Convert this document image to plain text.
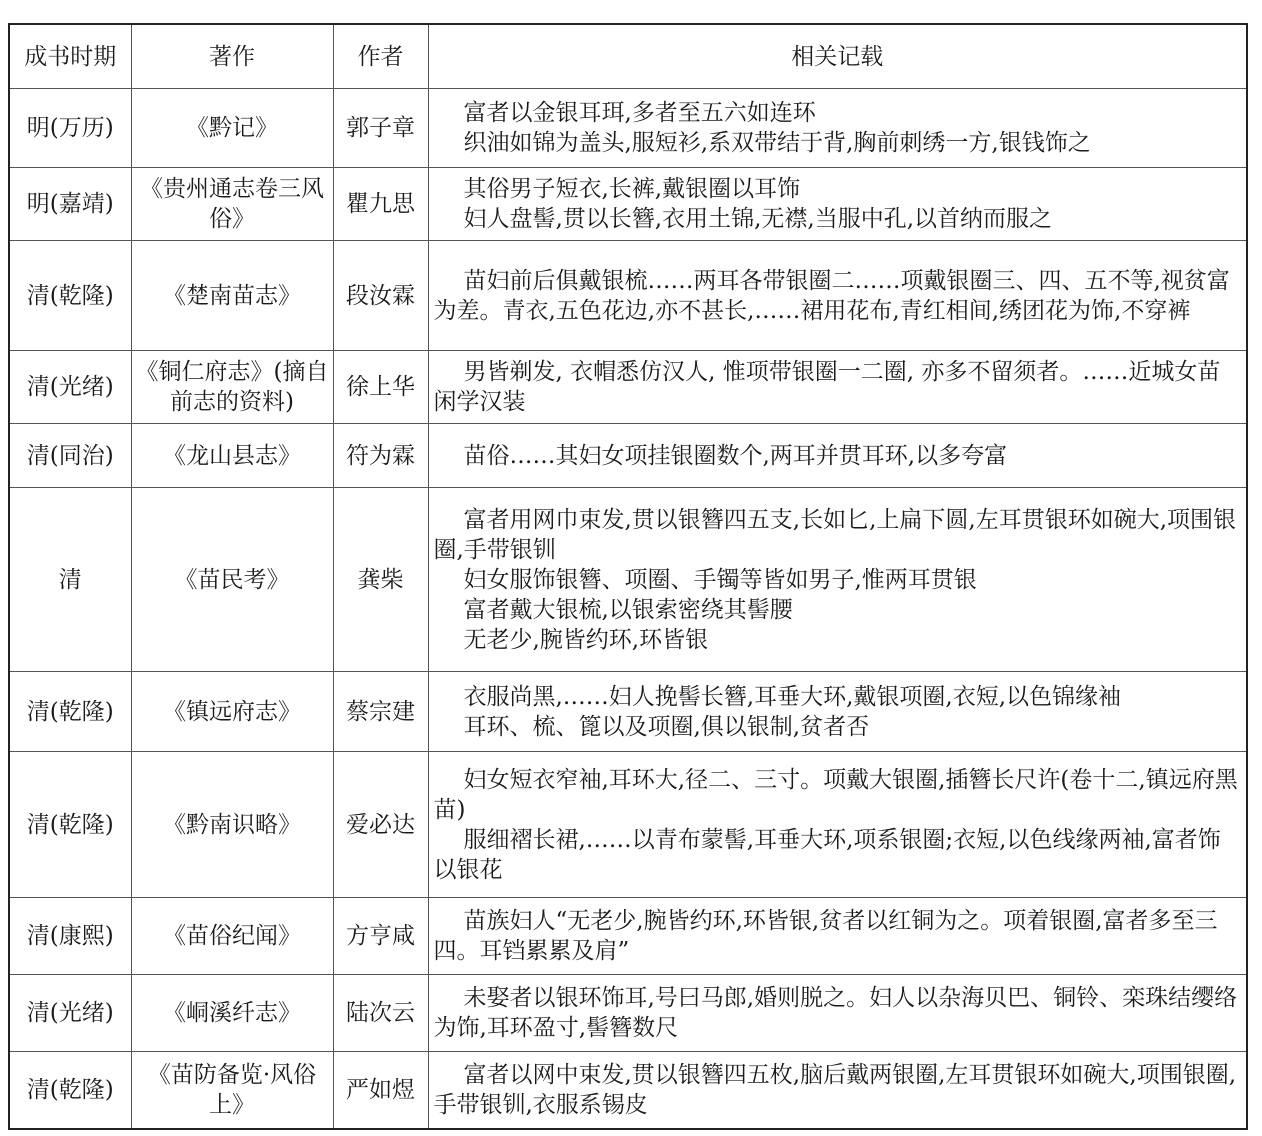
成书时期	著作	作者	相关记载
明(万历)	《黔记》	郭子章	富者以金银耳珥,多者至五六如连环
织油如锦为盖头,服短衫,系双带结于背,胸前刺绣一方,银钱饰之

明(嘉靖)	《贵州通志卷三风俗》	瞿九思	其俗男子短衣,长裤,戴银圈以耳饰
妇人盘髻,贯以长簪,衣用土锦,无襟,当服中孔,以首纳而服之

清(乾隆)	《楚南苗志》	段汝霖	苗妇前后俱戴银梳……两耳各带银圈二……项戴银圈三、四、五不等,视贫富为差。青衣,五色花边,亦不甚长,……裙用花布,青红相间,绣团花为饰,不穿裤

清(光绪)	《铜仁府志》(摘自前志的资料)	徐上华	男皆剃发, 衣帽悉仿汉人, 惟项带银圈一二圈, 亦多不留须者。……近城女苗闲学汉装

清(同治)	《龙山县志》	符为霖	苗俗……其妇女项挂银圈数个,两耳并贯耳环,以多夸富

清	《苗民考》	龚柴	富者用网巾束发,贯以银簪四五支,长如匕,上扁下圆,左耳贯银环如碗大,项围银圈,手带银钏
妇女服饰银簪、项圈、手镯等皆如男子,惟两耳贯银
富者戴大银梳,以银索密绕其髻腰
无老少,腕皆约环,环皆银

清(乾隆)	《镇远府志》	蔡宗建	衣服尚黑,……妇人挽髻长簪,耳垂大环,戴银项圈,衣短,以色锦缘袖
耳环、梳、篦以及项圈,俱以银制,贫者否

清(乾隆)	《黔南识略》	爱必达	妇女短衣窄袖,耳环大,径二、三寸。项戴大银圈,插簪长尺许(卷十二,镇远府黑苗)
服细褶长裙,……以青布蒙髻,耳垂大环,项系银圈;衣短,以色线缘两袖,富者饰以银花

清(康熙)	《苗俗纪闻》	方亨咸	苗族妇人“无老少,腕皆约环,环皆银,贫者以红铜为之。项着银圈,富者多至三四。耳铛累累及肩”

清(光绪)	《峒溪纤志》	陆次云	未娶者以银环饰耳,号曰马郎,婚则脱之。妇人以杂海贝巴、铜铃、栾珠结缨络为饰,耳环盈寸,髻簪数尺

清(乾隆)	《苗防备览·风俗上》	严如煜	富者以网中束发,贯以银簪四五枚,脑后戴两银圈,左耳贯银环如碗大,项围银圈,手带银钏,衣服系锡皮
